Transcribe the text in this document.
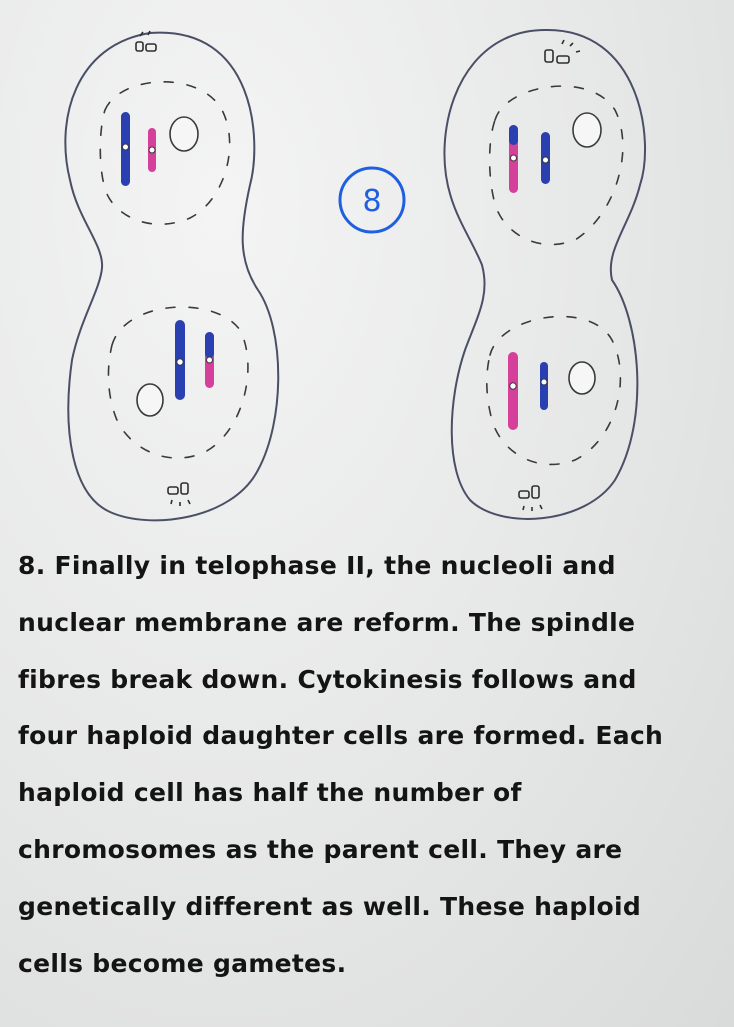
8
8. Finally in telophase II, the nucleoli and
nuclear membrane are reform. The spindle
fibres break down. Cytokinesis follows and
four haploid daughter cells are formed. Each
haploid cell has half the number of
chromosomes as the parent cell. They are
genetically different as well. These haploid
cells become gametes.
